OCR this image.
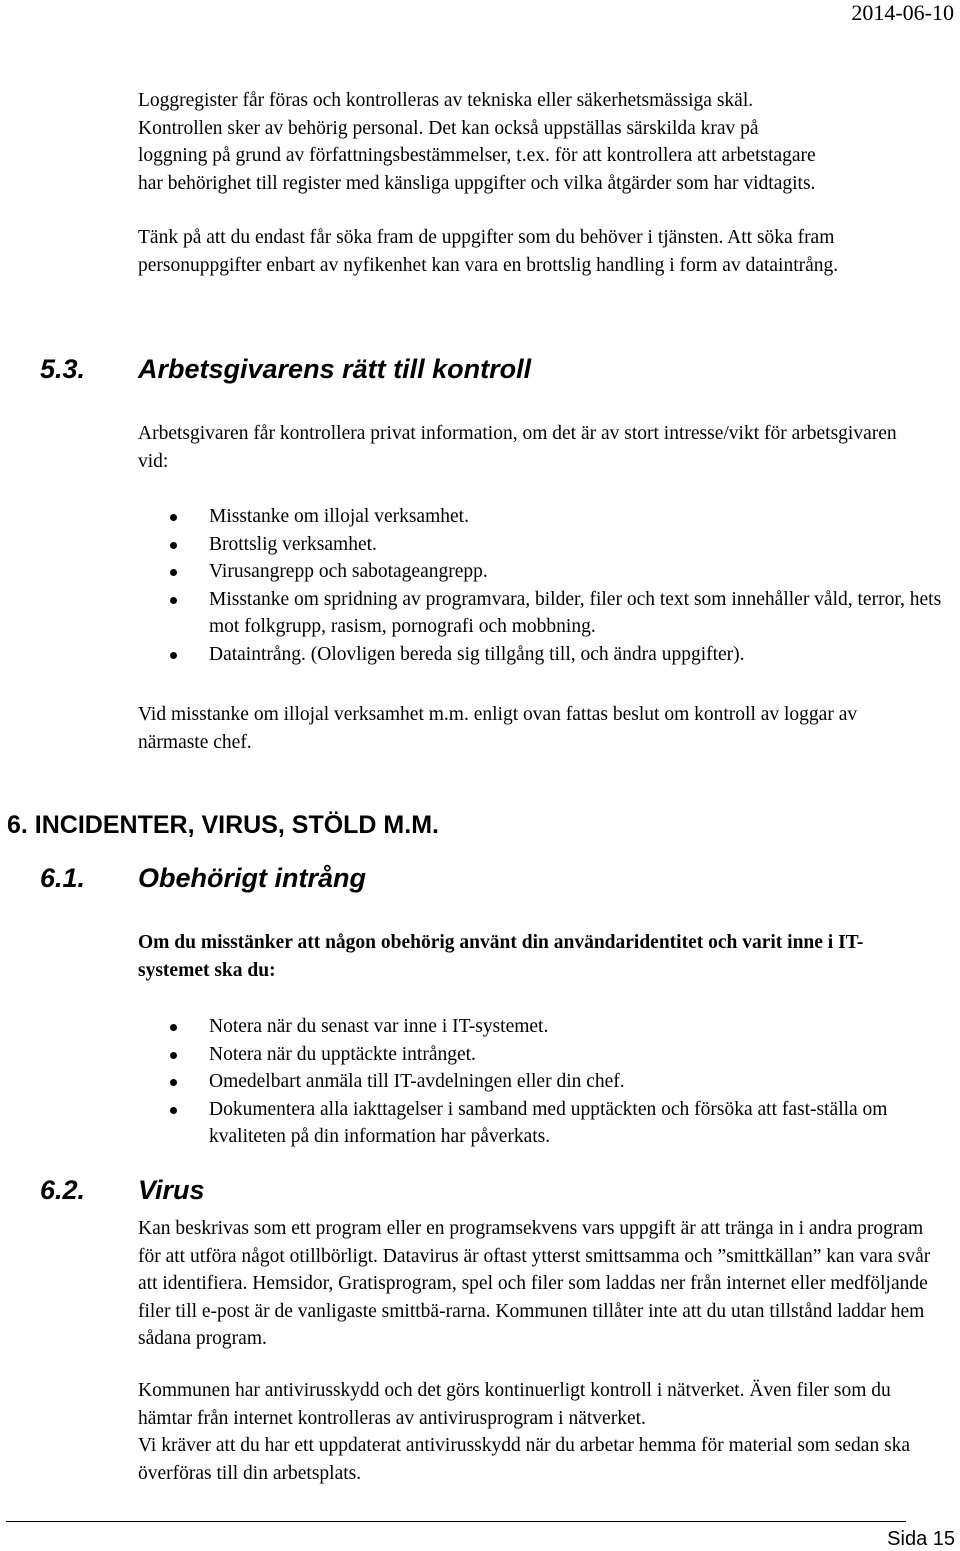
2014-06-10
Loggregister får föras och kontrolleras av tekniska eller säkerhetsmässiga skäl.
Kontrollen sker av behörig personal. Det kan också uppställas särskilda krav på
loggning på grund av författningsbestämmelser, t.ex. för att kontrollera att arbetstagare
har behörighet till register med känsliga uppgifter och vilka åtgärder som har vidtagits.
Tänk på att du endast får söka fram de uppgifter som du behöver i tjänsten. Att söka fram personuppgifter enbart av nyfikenhet kan vara en brottslig handling i form av dataintrång.
5.3. Arbetsgivarens rätt till kontroll
Arbetsgivaren får kontrollera privat information, om det är av stort intresse/vikt för arbetsgivaren vid:
Misstanke om illojal verksamhet.
Brottslig verksamhet.
Virusangrepp och sabotageangrepp.
Misstanke om spridning av programvara, bilder, filer och text som innehåller våld, terror, hets mot folkgrupp, rasism, pornografi och mobbning.
Dataintrång. (Olovligen bereda sig tillgång till, och ändra uppgifter).
Vid misstanke om illojal verksamhet m.m. enligt ovan fattas beslut om kontroll av loggar av närmaste chef.
6. INCIDENTER, VIRUS, STÖLD M.M.
6.1. Obehörigt intrång
Om du misstänker att någon obehörig använt din användaridentitet och varit inne i IT-systemet ska du:
Notera när du senast var inne i IT-systemet.
Notera när du upptäckte intrånget.
Omedelbart anmäla till IT-avdelningen eller din chef.
Dokumentera alla iakttagelser i samband med upptäckten och försöka att fast-ställa om kvaliteten på din information har påverkats.
6.2. Virus
Kan beskrivas som ett program eller en programsekvens vars uppgift är att tränga in i andra program för att utföra något otillbörligt. Datavirus är oftast ytterst smittsamma och ”smittkällan” kan vara svår att identifiera. Hemsidor, Gratisprogram, spel och filer som laddas ner från internet eller medföljande filer till e-post är de vanligaste smittbä-rarna. Kommunen tillåter inte att du utan tillstånd laddar hem sådana program.
Kommunen har antivirusskydd och det görs kontinuerligt kontroll i nätverket. Även filer som du hämtar från internet kontrolleras av antivirusprogram i nätverket.
Vi kräver att du har ett uppdaterat antivirusskydd när du arbetar hemma för material som sedan ska överföras till din arbetsplats.
Sida 15
